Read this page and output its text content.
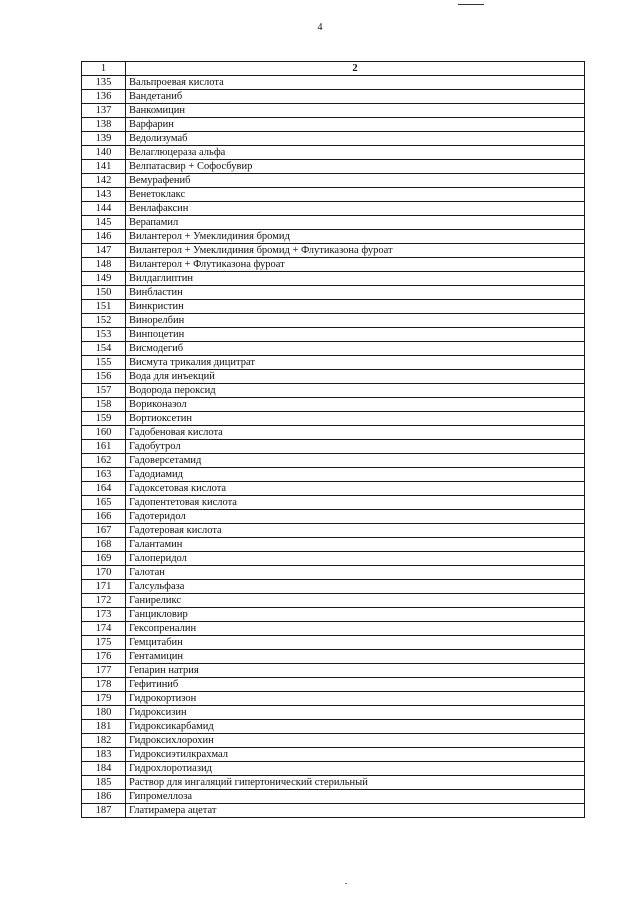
4
1	2
135	Вальпроевая кислота
136	Вандетаниб
137	Ванкомицин
138	Варфарин
139	Ведолизумаб
140	Велаглюцераза альфа
141	Велпатасвир + Софосбувир
142	Вемурафениб
143	Венетоклакс
144	Венлафаксин
145	Верапамил
146	Вилантерол + Умеклидиния бромид
147	Вилантерол + Умеклидиния бромид + Флутиказона фуроат
148	Вилантерол + Флутиказона фуроат
149	Вилдаглиптин
150	Винбластин
151	Винкристин
152	Винорелбин
153	Винпоцетин
154	Висмодегиб
155	Висмута трикалия дицитрат
156	Вода для инъекций
157	Водорода пероксид
158	Вориконазол
159	Вортиоксетин
160	Гадобеновая кислота
161	Гадобутрол
162	Гадоверсетамид
163	Гадодиамид
164	Гадоксетовая кислота
165	Гадопентетовая кислота
166	Гадотеридол
167	Гадотеровая кислота
168	Галантамин
169	Галоперидол
170	Галотан
171	Галсульфаза
172	Ганиреликс
173	Ганцикловир
174	Гексопреналин
175	Гемцитабин
176	Гентамицин
177	Гепарин натрия
178	Гефитиниб
179	Гидрокортизон
180	Гидроксизин
181	Гидроксикарбамид
182	Гидроксихлорохин
183	Гидроксиэтилкрахмал
184	Гидрохлоротиазид
185	Раствор для ингаляций гипертонический стерильный
186	Гипромеллоза
187	Глатирамера ацетат
